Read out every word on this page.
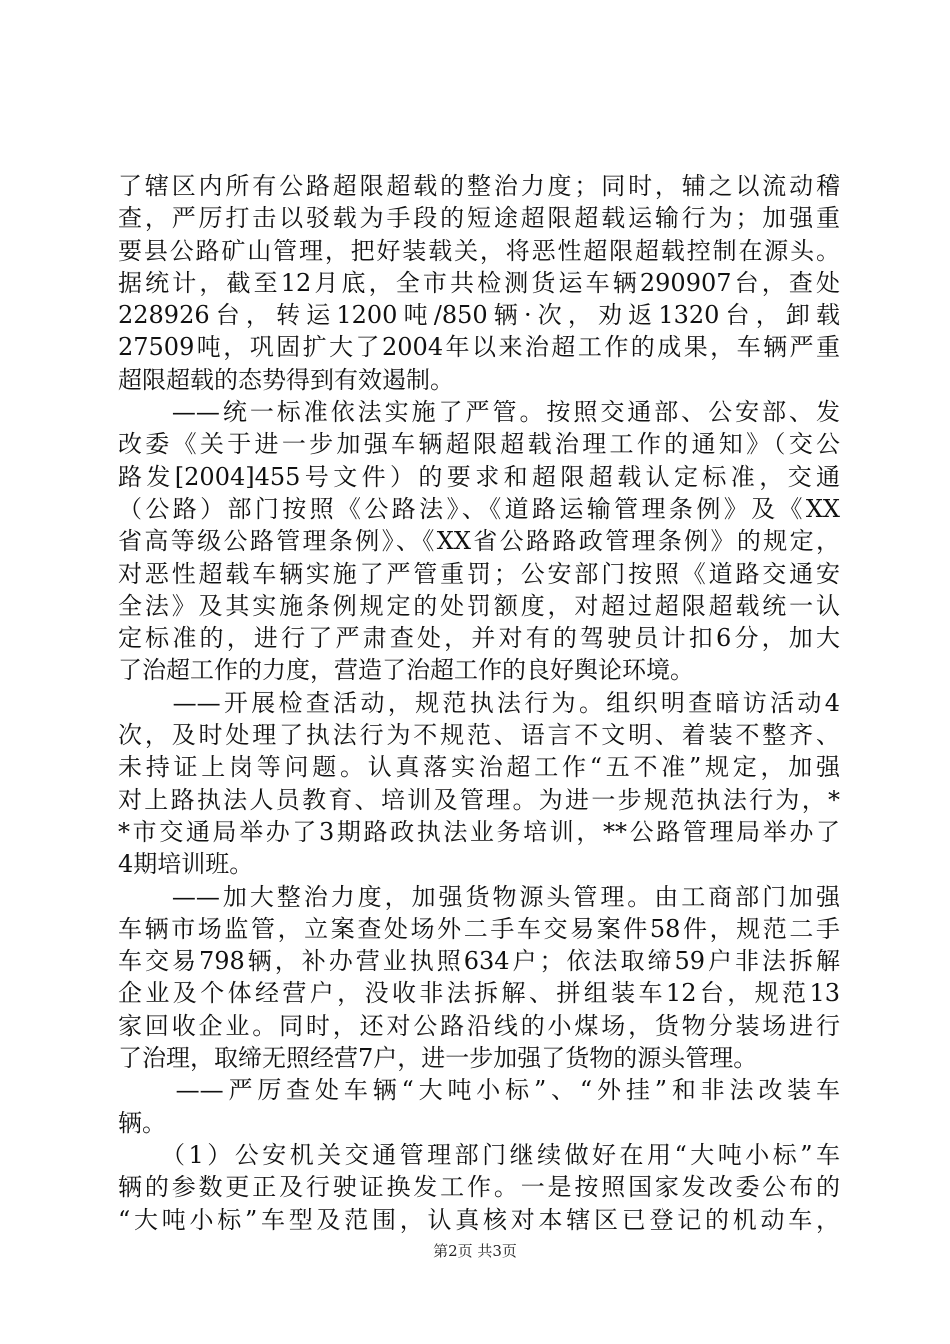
了辖区内所有公路超限超载的整治力度；同时，辅之以流动稽
查，严厉打击以驳载为手段的短途超限超载运输行为；加强重
要县公路矿山管理，把好装载关，将恶性超限超载控制在源头。
据统计，截至12月底，全市共检测货运车辆290907台，查处
228926台，转运1200吨/850辆·次，劝返1320台，卸载
27509吨，巩固扩大了2004年以来治超工作的成果，车辆严重
超限超载的态势得到有效遏制。
　　——统一标准依法实施了严管。按照交通部、公安部、发
改委《关于进一步加强车辆超限超载治理工作的通知》（交公
路发[2004]455号文件）的要求和超限超载认定标准，交通
（公路）部门按照《公路法》、《道路运输管理条例》及《XX
省高等级公路管理条例》、《XX省公路路政管理条例》的规定，
对恶性超载车辆实施了严管重罚；公安部门按照《道路交通安
全法》及其实施条例规定的处罚额度，对超过超限超载统一认
定标准的，进行了严肃查处，并对有的驾驶员计扣6分，加大
了治超工作的力度，营造了治超工作的良好舆论环境。
　　——开展检查活动，规范执法行为。组织明查暗访活动4
次，及时处理了执法行为不规范、语言不文明、着装不整齐、
未持证上岗等问题。认真落实治超工作“五不准”规定，加强
对上路执法人员教育、培训及管理。为进一步规范执法行为，*
*市交通局举办了3期路政执法业务培训，**公路管理局举办了
4期培训班。
　　——加大整治力度，加强货物源头管理。由工商部门加强
车辆市场监管，立案查处场外二手车交易案件58件，规范二手
车交易798辆，补办营业执照634户；依法取缔59户非法拆解
企业及个体经营户，没收非法拆解、拼组装车12台，规范13
家回收企业。同时，还对公路沿线的小煤场，货物分装场进行
了治理，取缔无照经营7户，进一步加强了货物的源头管理。
　　——严厉查处车辆“大吨小标”、“外挂”和非法改装车
辆。
　　（1）公安机关交通管理部门继续做好在用“大吨小标”车
辆的参数更正及行驶证换发工作。一是按照国家发改委公布的
“大吨小标”车型及范围，认真核对本辖区已登记的机动车，
第2页 共3页
